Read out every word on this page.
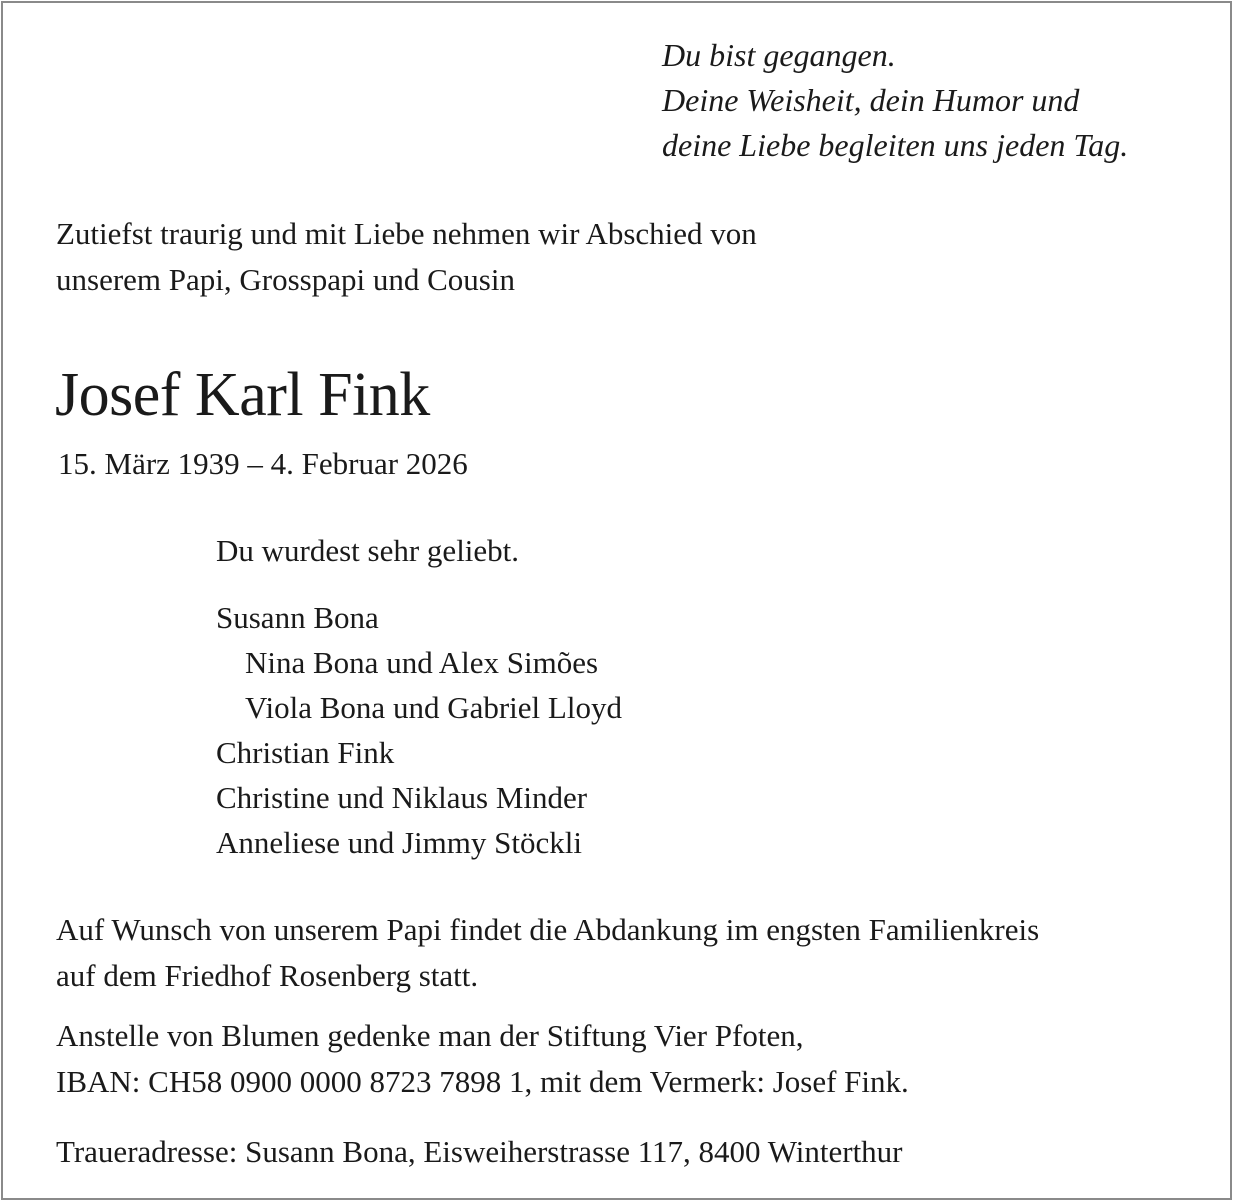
Du bist gegangen.
Deine Weisheit, dein Humor und
deine Liebe begleiten uns jeden Tag.
Zutiefst traurig und mit Liebe nehmen wir Abschied von
unserem Papi, Grosspapi und Cousin
Josef Karl Fink
15. März 1939 – 4. Februar 2026
Du wurdest sehr geliebt.
Susann Bona
Nina Bona und Alex Simões
Viola Bona und Gabriel Lloyd
Christian Fink
Christine und Niklaus Minder
Anneliese und Jimmy Stöckli
Auf Wunsch von unserem Papi findet die Abdankung im engsten Familienkreis
auf dem Friedhof Rosenberg statt.
Anstelle von Blumen gedenke man der Stiftung Vier Pfoten,
IBAN: CH58 0900 0000 8723 7898 1, mit dem Vermerk: Josef Fink.
Traueradresse: Susann Bona, Eisweiherstrasse 117, 8400 Winterthur
